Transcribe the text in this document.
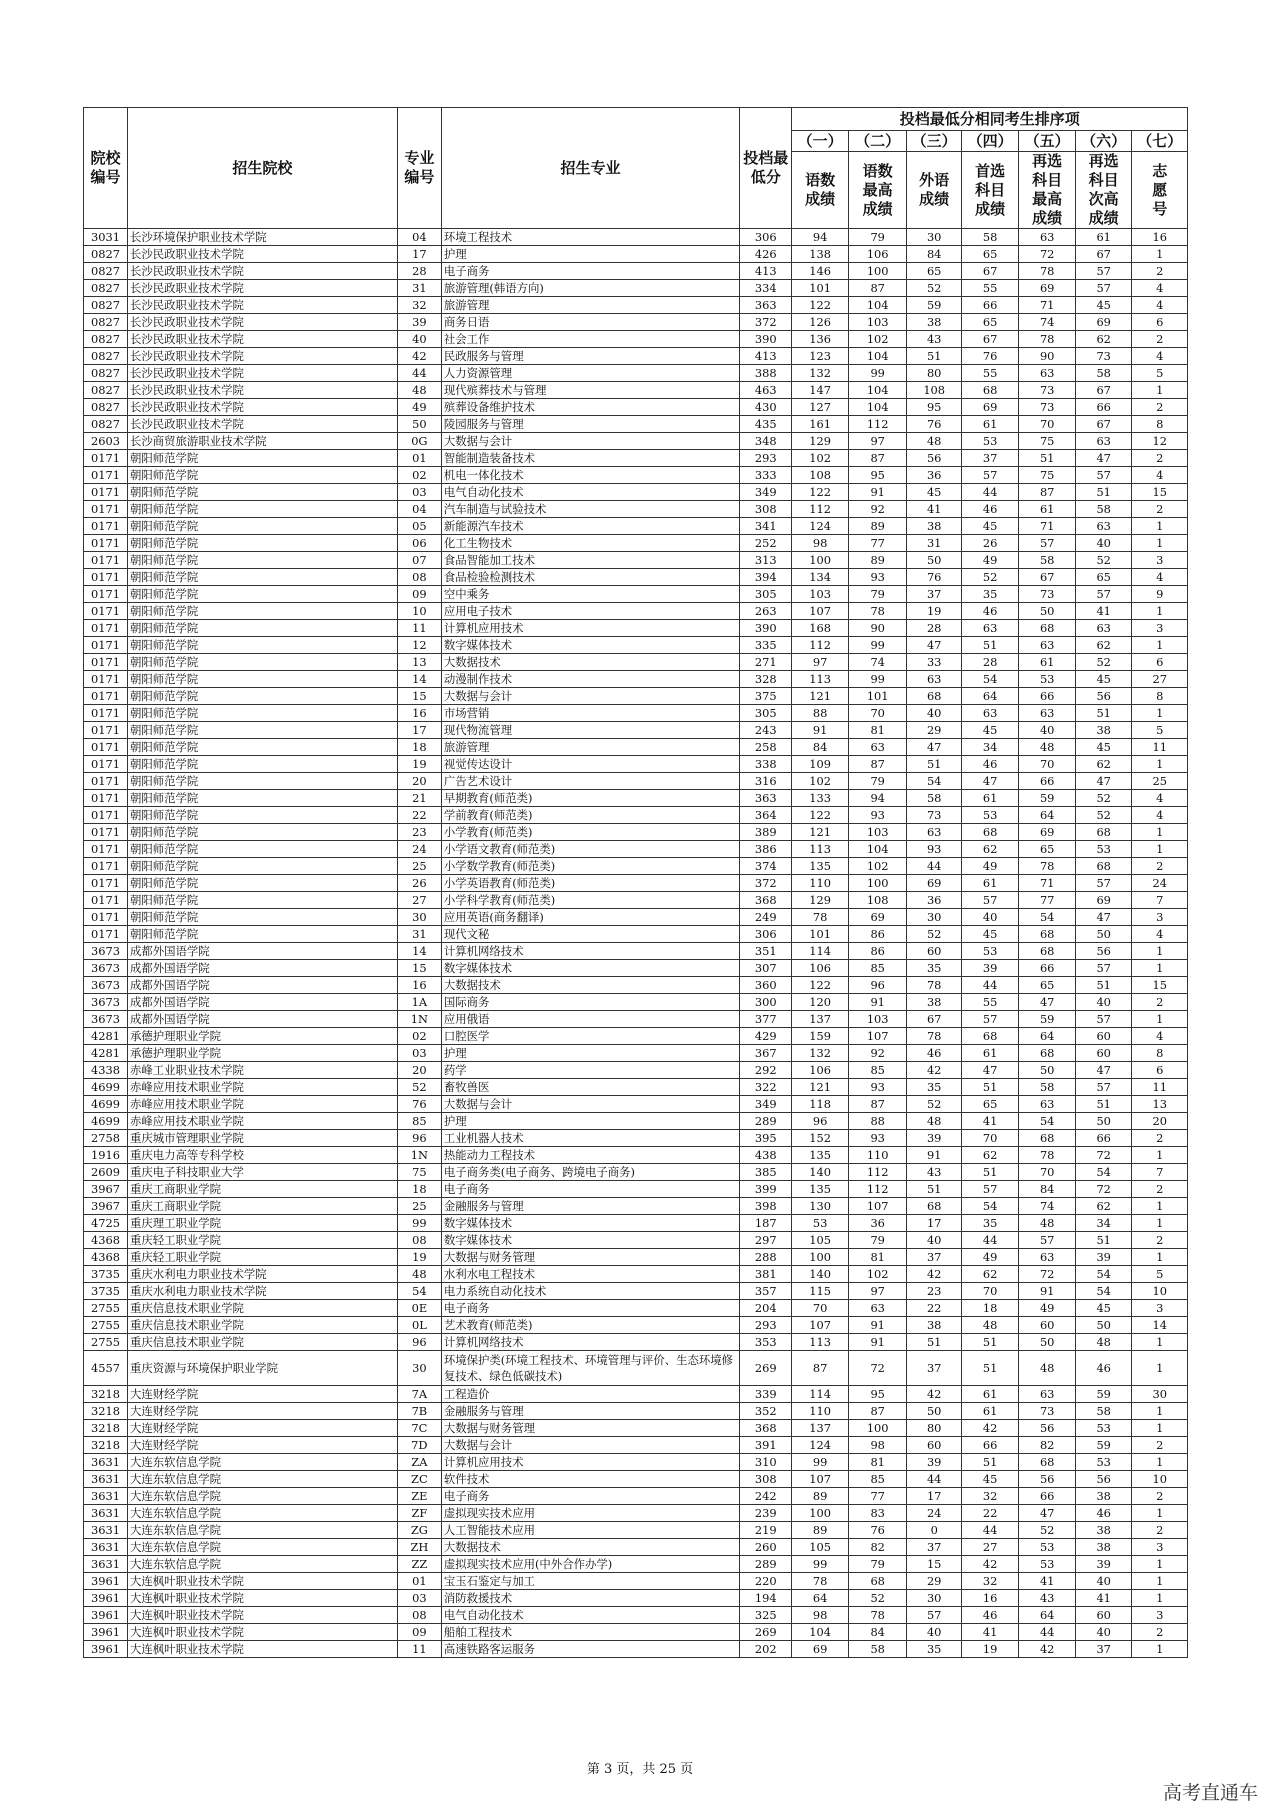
院校编号	招生院校	专业编号	招生专业	投档最低分	投档最低分相同考生排序项						
					（一）	（二）	（三）	（四）	（五）	（六）	（七）
					语数成绩	语数最高成绩	外语成绩	首选科目成绩	再选科目最高成绩	再选科目次高成绩	志愿号
3031	长沙环境保护职业技术学院	04	环境工程技术	306	94	79	30	58	63	61	16
0827	长沙民政职业技术学院	17	护理	426	138	106	84	65	72	67	1
0827	长沙民政职业技术学院	28	电子商务	413	146	100	65	67	78	57	2
0827	长沙民政职业技术学院	31	旅游管理(韩语方向)	334	101	87	52	55	69	57	4
0827	长沙民政职业技术学院	32	旅游管理	363	122	104	59	66	71	45	4
0827	长沙民政职业技术学院	39	商务日语	372	126	103	38	65	74	69	6
0827	长沙民政职业技术学院	40	社会工作	390	136	102	43	67	78	62	2
0827	长沙民政职业技术学院	42	民政服务与管理	413	123	104	51	76	90	73	4
0827	长沙民政职业技术学院	44	人力资源管理	388	132	99	80	55	63	58	5
0827	长沙民政职业技术学院	48	现代殡葬技术与管理	463	147	104	108	68	73	67	1
0827	长沙民政职业技术学院	49	殡葬设备维护技术	430	127	104	95	69	73	66	2
0827	长沙民政职业技术学院	50	陵园服务与管理	435	161	112	76	61	70	67	8
2603	长沙商贸旅游职业技术学院	0G	大数据与会计	348	129	97	48	53	75	63	12
0171	朝阳师范学院	01	智能制造装备技术	293	102	87	56	37	51	47	2
0171	朝阳师范学院	02	机电一体化技术	333	108	95	36	57	75	57	4
0171	朝阳师范学院	03	电气自动化技术	349	122	91	45	44	87	51	15
0171	朝阳师范学院	04	汽车制造与试验技术	308	112	92	41	46	61	58	2
0171	朝阳师范学院	05	新能源汽车技术	341	124	89	38	45	71	63	1
0171	朝阳师范学院	06	化工生物技术	252	98	77	31	26	57	40	1
0171	朝阳师范学院	07	食品智能加工技术	313	100	89	50	49	58	52	3
0171	朝阳师范学院	08	食品检验检测技术	394	134	93	76	52	67	65	4
0171	朝阳师范学院	09	空中乘务	305	103	79	37	35	73	57	9
0171	朝阳师范学院	10	应用电子技术	263	107	78	19	46	50	41	1
0171	朝阳师范学院	11	计算机应用技术	390	168	90	28	63	68	63	3
0171	朝阳师范学院	12	数字媒体技术	335	112	99	47	51	63	62	1
0171	朝阳师范学院	13	大数据技术	271	97	74	33	28	61	52	6
0171	朝阳师范学院	14	动漫制作技术	328	113	99	63	54	53	45	27
0171	朝阳师范学院	15	大数据与会计	375	121	101	68	64	66	56	8
0171	朝阳师范学院	16	市场营销	305	88	70	40	63	63	51	1
0171	朝阳师范学院	17	现代物流管理	243	91	81	29	45	40	38	5
0171	朝阳师范学院	18	旅游管理	258	84	63	47	34	48	45	11
0171	朝阳师范学院	19	视觉传达设计	338	109	87	51	46	70	62	1
0171	朝阳师范学院	20	广告艺术设计	316	102	79	54	47	66	47	25
0171	朝阳师范学院	21	早期教育(师范类)	363	133	94	58	61	59	52	4
0171	朝阳师范学院	22	学前教育(师范类)	364	122	93	73	53	64	52	4
0171	朝阳师范学院	23	小学教育(师范类)	389	121	103	63	68	69	68	1
0171	朝阳师范学院	24	小学语文教育(师范类)	386	113	104	93	62	65	53	1
0171	朝阳师范学院	25	小学数学教育(师范类)	374	135	102	44	49	78	68	2
0171	朝阳师范学院	26	小学英语教育(师范类)	372	110	100	69	61	71	57	24
0171	朝阳师范学院	27	小学科学教育(师范类)	368	129	108	36	57	77	69	7
0171	朝阳师范学院	30	应用英语(商务翻译)	249	78	69	30	40	54	47	3
0171	朝阳师范学院	31	现代文秘	306	101	86	52	45	68	50	4
3673	成都外国语学院	14	计算机网络技术	351	114	86	60	53	68	56	1
3673	成都外国语学院	15	数字媒体技术	307	106	85	35	39	66	57	1
3673	成都外国语学院	16	大数据技术	360	122	96	78	44	65	51	15
3673	成都外国语学院	1A	国际商务	300	120	91	38	55	47	40	2
3673	成都外国语学院	1N	应用俄语	377	137	103	67	57	59	57	1
4281	承德护理职业学院	02	口腔医学	429	159	107	78	68	64	60	4
4281	承德护理职业学院	03	护理	367	132	92	46	61	68	60	8
4338	赤峰工业职业技术学院	20	药学	292	106	85	42	47	50	47	6
4699	赤峰应用技术职业学院	52	畜牧兽医	322	121	93	35	51	58	57	11
4699	赤峰应用技术职业学院	76	大数据与会计	349	118	87	52	65	63	51	13
4699	赤峰应用技术职业学院	85	护理	289	96	88	48	41	54	50	20
2758	重庆城市管理职业学院	96	工业机器人技术	395	152	93	39	70	68	66	2
1916	重庆电力高等专科学校	1N	热能动力工程技术	438	135	110	91	62	78	72	1
2609	重庆电子科技职业大学	75	电子商务类(电子商务、跨境电子商务)	385	140	112	43	51	70	54	7
3967	重庆工商职业学院	18	电子商务	399	135	112	51	57	84	72	2
3967	重庆工商职业学院	25	金融服务与管理	398	130	107	68	54	74	62	1
4725	重庆理工职业学院	99	数字媒体技术	187	53	36	17	35	48	34	1
4368	重庆轻工职业学院	08	数字媒体技术	297	105	79	40	44	57	51	2
4368	重庆轻工职业学院	19	大数据与财务管理	288	100	81	37	49	63	39	1
3735	重庆水利电力职业技术学院	48	水利水电工程技术	381	140	102	42	62	72	54	5
3735	重庆水利电力职业技术学院	54	电力系统自动化技术	357	115	97	23	70	91	54	10
2755	重庆信息技术职业学院	0E	电子商务	204	70	63	22	18	49	45	3
2755	重庆信息技术职业学院	0L	艺术教育(师范类)	293	107	91	38	48	60	50	14
2755	重庆信息技术职业学院	96	计算机网络技术	353	113	91	51	51	50	48	1
4557	重庆资源与环境保护职业学院	30	环境保护类(环境工程技术、环境管理与评价、生态环境修复技术、绿色低碳技术)	269	87	72	37	51	48	46	1
3218	大连财经学院	7A	工程造价	339	114	95	42	61	63	59	30
3218	大连财经学院	7B	金融服务与管理	352	110	87	50	61	73	58	1
3218	大连财经学院	7C	大数据与财务管理	368	137	100	80	42	56	53	1
3218	大连财经学院	7D	大数据与会计	391	124	98	60	66	82	59	2
3631	大连东软信息学院	ZA	计算机应用技术	310	99	81	39	51	68	53	1
3631	大连东软信息学院	ZC	软件技术	308	107	85	44	45	56	56	10
3631	大连东软信息学院	ZE	电子商务	242	89	77	17	32	66	38	2
3631	大连东软信息学院	ZF	虚拟现实技术应用	239	100	83	24	22	47	46	1
3631	大连东软信息学院	ZG	人工智能技术应用	219	89	76	0	44	52	38	2
3631	大连东软信息学院	ZH	大数据技术	260	105	82	37	27	53	38	3
3631	大连东软信息学院	ZZ	虚拟现实技术应用(中外合作办学)	289	99	79	15	42	53	39	1
3961	大连枫叶职业技术学院	01	宝玉石鉴定与加工	220	78	68	29	32	41	40	1
3961	大连枫叶职业技术学院	03	消防救援技术	194	64	52	30	16	43	41	1
3961	大连枫叶职业技术学院	08	电气自动化技术	325	98	78	57	46	64	60	3
3961	大连枫叶职业技术学院	09	船舶工程技术	269	104	84	40	41	44	40	2
3961	大连枫叶职业技术学院	11	高速铁路客运服务	202	69	58	35	19	42	37	1
第 3 页，共 25 页
高考直通车
